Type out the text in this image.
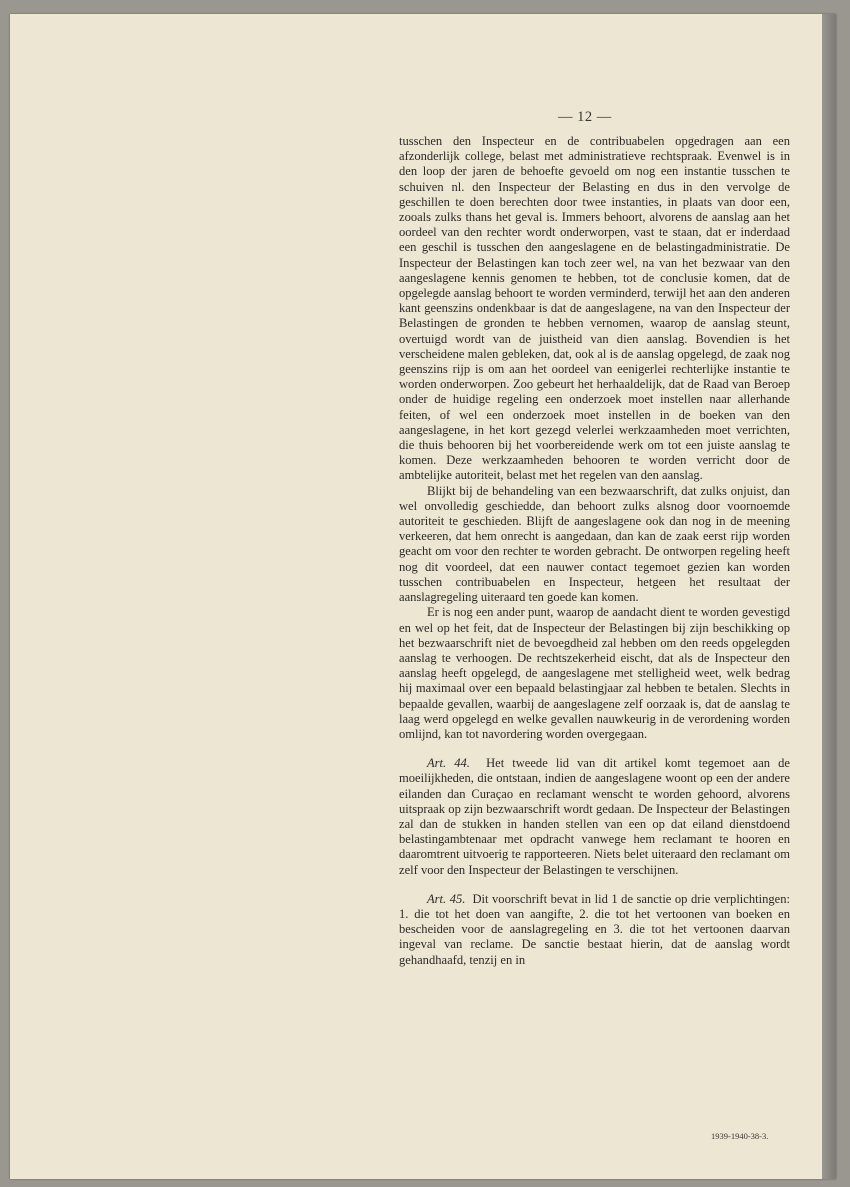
— 12 —

tusschen den Inspecteur en de contribuabelen opgedragen aan een afzonderlijk college, belast met administratieve rechtspraak. Evenwel is in den loop der jaren de behoefte gevoeld om nog een instantie tusschen te schuiven nl. den Inspecteur der Belasting en dus in den vervolge de geschillen te doen berechten door twee instanties, in plaats van door een, zooals zulks thans het geval is. Immers behoort, alvorens de aanslag aan het oordeel van den rechter wordt onderworpen, vast te staan, dat er inderdaad een geschil is tusschen den aangeslagene en de belastingadministratie. De Inspecteur der Belastingen kan toch zeer wel, na van het bezwaar van den aangeslagene kennis genomen te hebben, tot de conclusie komen, dat de opgelegde aanslag behoort te worden verminderd, terwijl het aan den anderen kant geenszins ondenkbaar is dat de aangeslagene, na van den Inspecteur der Belastingen de gronden te hebben vernomen, waarop de aanslag steunt, overtuigd wordt van de juistheid van dien aanslag. Bovendien is het verscheidene malen gebleken, dat, ook al is de aanslag opgelegd, de zaak nog geenszins rijp is om aan het oordeel van eenigerlei rechterlijke instantie te worden onderworpen. Zoo gebeurt het herhaaldelijk, dat de Raad van Beroep onder de huidige regeling een onderzoek moet instellen naar allerhande feiten, of wel een onderzoek moet instellen in de boeken van den aangeslagene, in het kort gezegd velerlei werkzaamheden moet verrichten, die thuis behooren bij het voorbereidende werk om tot een juiste aanslag te komen. Deze werkzaamheden behooren te worden verricht door de ambtelijke autoriteit, belast met het regelen van den aanslag.

Blijkt bij de behandeling van een bezwaarschrift, dat zulks onjuist, dan wel onvolledig geschiedde, dan behoort zulks alsnog door voornoemde autoriteit te geschieden. Blijft de aangeslagene ook dan nog in de meening verkeeren, dat hem onrecht is aangedaan, dan kan de zaak eerst rijp worden geacht om voor den rechter te worden gebracht. De ontworpen regeling heeft nog dit voordeel, dat een nauwer contact tegemoet gezien kan worden tusschen contribuabelen en Inspecteur, hetgeen het resultaat der aanslagregeling uiteraard ten goede kan komen.

Er is nog een ander punt, waarop de aandacht dient te worden gevestigd en wel op het feit, dat de Inspecteur der Belastingen bij zijn beschikking op het bezwaarschrift niet de bevoegdheid zal hebben om den reeds opgelegden aanslag te verhoogen. De rechtszekerheid eischt, dat als de Inspecteur den aanslag heeft opgelegd, de aangeslagene met stelligheid weet, welk bedrag hij maximaal over een bepaald belastingjaar zal hebben te betalen. Slechts in bepaalde gevallen, waarbij de aangeslagene zelf oorzaak is, dat de aanslag te laag werd opgelegd en welke gevallen nauwkeurig in de verordening worden omlijnd, kan tot navordering worden overgegaan.

Art. 44. Het tweede lid van dit artikel komt tegemoet aan de moeilijkheden, die ontstaan, indien de aangeslagene woont op een der andere eilanden dan Curaçao en reclamant wenscht te worden gehoord, alvorens uitspraak op zijn bezwaarschrift wordt gedaan. De Inspecteur der Belastingen zal dan de stukken in handen stellen van een op dat eiland dienstdoend belastingambtenaar met opdracht vanwege hem reclamant te hooren en daaromtrent uitvoerig te rapporteeren. Niets belet uiteraard den reclamant om zelf voor den Inspecteur der Belastingen te verschijnen.

Art. 45. Dit voorschrift bevat in lid 1 de sanctie op drie verplichtingen: 1. die tot het doen van aangifte, 2. die tot het vertoonen van boeken en bescheiden voor de aanslagregeling en 3. die tot het vertoonen daarvan ingeval van reclame. De sanctie bestaat hierin, dat de aanslag wordt gehandhaafd, tenzij en in

1939-1940-38-3.
